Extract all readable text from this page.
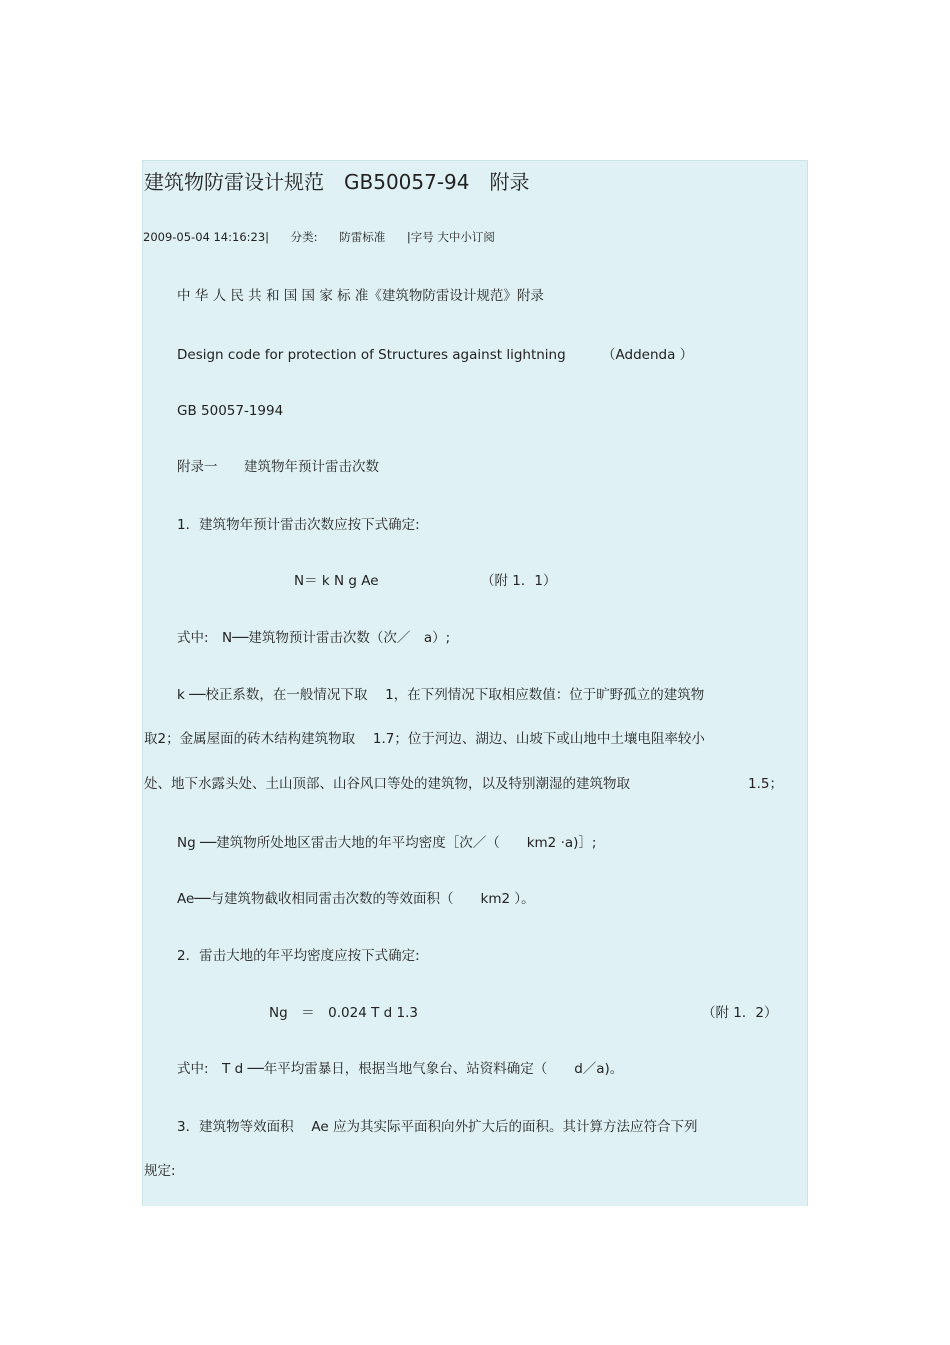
建筑物防雷设计规范　GB50057-94　附录
2009-05-04 14:16:23| 分类: 防雷标准 |字号 大中小订阅
中 华 人 民 共 和 国 国 家 标 准《建筑物防雷设计规范》附录
Design code for protection of Structures against lightning	（Addenda ）
GB 50057-1994
附录一 建筑物年预计雷击次数
1．建筑物年预计雷击次数应按下式确定:
N＝ k N g Ae	（附 1．1）
式中:　N──建筑物预计雷击次数（次／　a）;
k ──校正系数，在一般情况下取　 1，在下列情况下取相应数值：位于旷野孤立的建筑物
取2；金属屋面的砖木结构建筑物取　 1.7；位于河边、湖边、山坡下或山地中土壤电阻率较小
处、地下水露头处、土山顶部、山谷风口等处的建筑物，以及特别潮湿的建筑物取	1.5；
Ng ──建筑物所处地区雷击大地的年平均密度［次／（　　km2 ·a)］;
Ae──与建筑物截收相同雷击次数的等效面积（　　km2 ）。
2．雷击大地的年平均密度应按下式确定:
Ng　＝　0.024 T d 1.3	（附 1．2）
式中:　T d ──年平均雷暴日，根据当地气象台、站资料确定（　　d／a)。
3．建筑物等效面积　 Ae 应为其实际平面积向外扩大后的面积。其计算方法应符合下列
规定:
